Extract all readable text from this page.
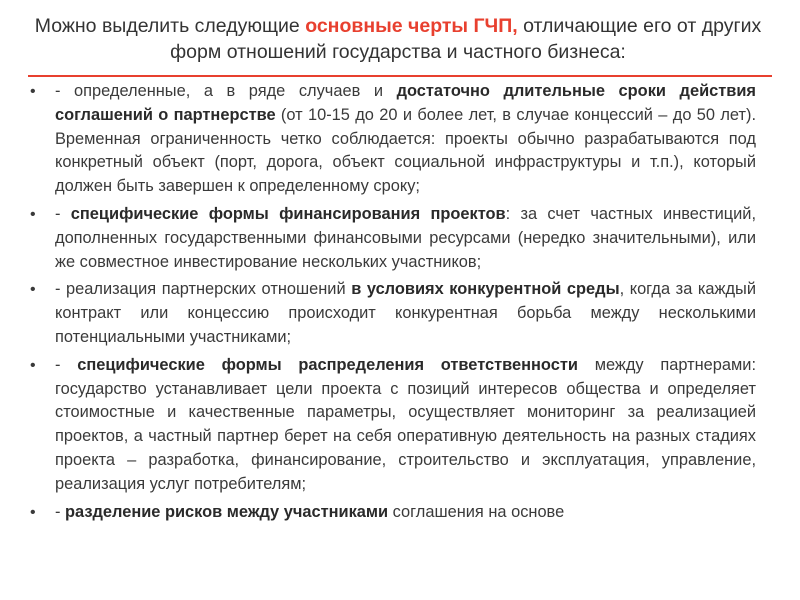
Можно выделить следующие основные черты ГЧП, отличающие его от других форм отношений государства и частного бизнеса:
• - определенные, а в ряде случаев и достаточно длительные сроки действия соглашений о партнерстве (от 10-15 до 20 и более лет, в случае концессий – до 50 лет). Временная ограниченность четко соблюдается: проекты обычно разрабатываются под конкретный объект (порт, дорога, объект социальной инфраструктуры и т.п.), который должен быть завершен к определенному сроку;
• - специфические формы финансирования проектов: за счет частных инвестиций, дополненных государственными финансовыми ресурсами (нередко значительными), или же совместное инвестирование нескольких участников;
• - реализация партнерских отношений в условиях конкурентной среды, когда за каждый контракт или концессию происходит конкурентная борьба между несколькими потенциальными участниками;
• - специфические формы распределения ответственности между партнерами: государство устанавливает цели проекта с позиций интересов общества и определяет стоимостные и качественные параметры, осуществляет мониторинг за реализацией проектов, а частный партнер берет на себя оперативную деятельность на разных стадиях проекта – разработка, финансирование, строительство и эксплуатация, управление, реализация услуг потребителям;
• - разделение рисков между участниками соглашения на основе
